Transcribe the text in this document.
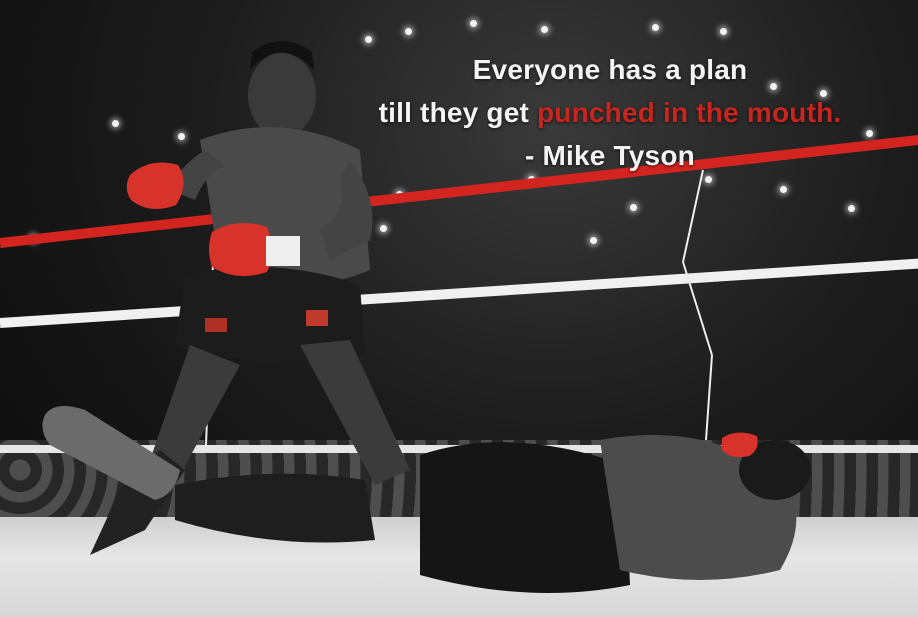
Everyone has a plan
till they get punched in the mouth.
- Mike Tyson
